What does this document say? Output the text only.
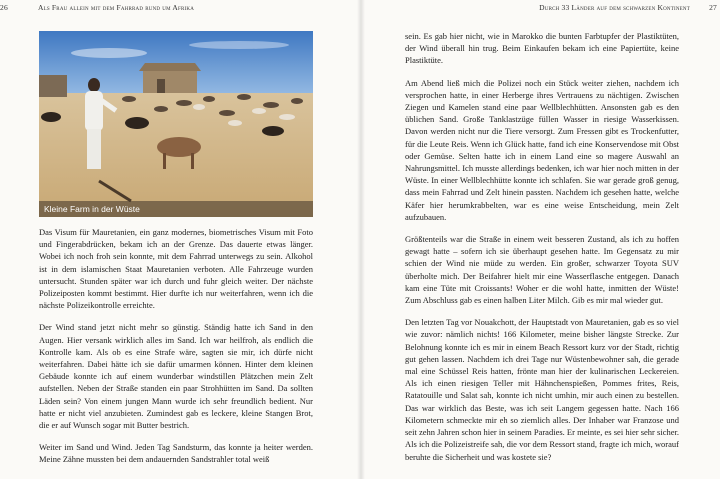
26	Als Frau allein mit dem Fahrrad rund um Afrika
Kleine Farm in der Wüste

Das Visum für Mauretanien, ein ganz modernes, biometrisches Visum mit Foto und Fingerabdrücken, bekam ich an der Grenze. Das dauerte etwas länger. Wobei ich noch froh sein konnte, mit dem Fahrrad unterwegs zu sein. Alkohol ist in dem islamischen Staat Mauretanien verboten. Alle Fahrzeuge wurden untersucht. Stunden später war ich durch und fuhr gleich weiter. Der nächste Polizeiposten kommt bestimmt. Hier durfte ich nur weiterfahren, wenn ich die nächste Polizeikontrolle erreichte.

Der Wind stand jetzt nicht mehr so günstig. Ständig hatte ich Sand in den Augen. Hier versank wirklich alles im Sand. Ich war heilfroh, als endlich die Kontrolle kam. Als ob es eine Strafe wäre, sagten sie mir, ich dürfe nicht weiterfahren. Dabei hätte ich sie dafür umarmen können. Hinter dem kleinen Gebäude konnte ich auf einem wunderbar windstillen Plätzchen mein Zelt aufstellen. Neben der Straße standen ein paar Strohhütten im Sand. Da sollten Läden sein? Von einem jungen Mann wurde ich sehr freundlich bedient. Nur hatte er nicht viel anzubieten. Zumindest gab es leckere, kleine Stangen Brot, die er auf Wunsch sogar mit Butter bestrich.

Weiter im Sand und Wind. Jeden Tag Sandsturm, das konnte ja heiter werden. Meine Zähne mussten bei dem andauernden Sandstrahler total weiß

Durch 33 Länder auf dem schwarzen Kontinent	27

sein. Es gab hier nicht, wie in Marokko die bunten Farbtupfer der Plastiktüten, der Wind überall hin trug. Beim Einkaufen bekam ich eine Papiertüte, keine Plastiktüte.

Am Abend ließ mich die Polizei noch ein Stück weiter ziehen, nachdem ich versprochen hatte, in einer Herberge ihres Vertrauens zu nächtigen. Zwischen Ziegen und Kamelen stand eine paar Wellblechhütten. Ansonsten gab es den üblichen Sand. Große Tanklastzüge füllen Wasser in riesige Wasserkissen. Davon werden nicht nur die Tiere versorgt. Zum Fressen gibt es Trockenfutter, für die Leute Reis. Wenn ich Glück hatte, fand ich eine Konservendose mit Obst oder Gemüse. Selten hatte ich in einem Land eine so magere Auswahl an Nahrungsmittel. Ich musste allerdings bedenken, ich war hier noch mitten in der Wüste. In einer Wellblechhütte konnte ich schlafen. Sie war gerade groß genug, dass mein Fahrrad und Zelt hinein passten. Nachdem ich gesehen hatte, welche Käfer hier herumkrabbelten, war es eine weise Entscheidung, mein Zelt aufzubauen.

Größtenteils war die Straße in einem weit besseren Zustand, als ich zu hoffen gewagt hatte – sofern ich sie überhaupt gesehen hatte. Im Gegensatz zu mir schien der Wind nie müde zu werden. Ein großer, schwarzer Toyota SUV überholte mich. Der Beifahrer hielt mir eine Wasserflasche entgegen. Danach kam eine Tüte mit Croissants! Woher er die wohl hatte, inmitten der Wüste! Zum Abschluss gab es einen halben Liter Milch. Gib es mir mal wieder gut.

Den letzten Tag vor Nouakchott, der Hauptstadt von Mauretanien, gab es so viel wie zuvor: nämlich nichts! 166 Kilometer, meine bisher längste Strecke. Zur Belohnung konnte ich es mir in einem Beach Ressort kurz vor der Stadt, richtig gut gehen lassen. Nachdem ich drei Tage nur Wüstenbewohner sah, die gerade mal eine Schüssel Reis hatten, frönte man hier der kulinarischen Leckereien. Als ich einen riesigen Teller mit Hähnchenspießen, Pommes frites, Reis, Ratatouille und Salat sah, konnte ich nicht umhin, mir auch einen zu bestellen. Das war wirklich das Beste, was ich seit Langem gegessen hatte. Nach 166 Kilometern schmeckte mir eh so ziemlich alles. Der Inhaber war Franzose und seit zehn Jahren schon hier in seinem Paradies. Er meinte, es sei hier sehr sicher. Als ich die Polizeistreife sah, die vor dem Ressort stand, fragte ich mich, worauf beruhte die Sicherheit und was kostete sie?
